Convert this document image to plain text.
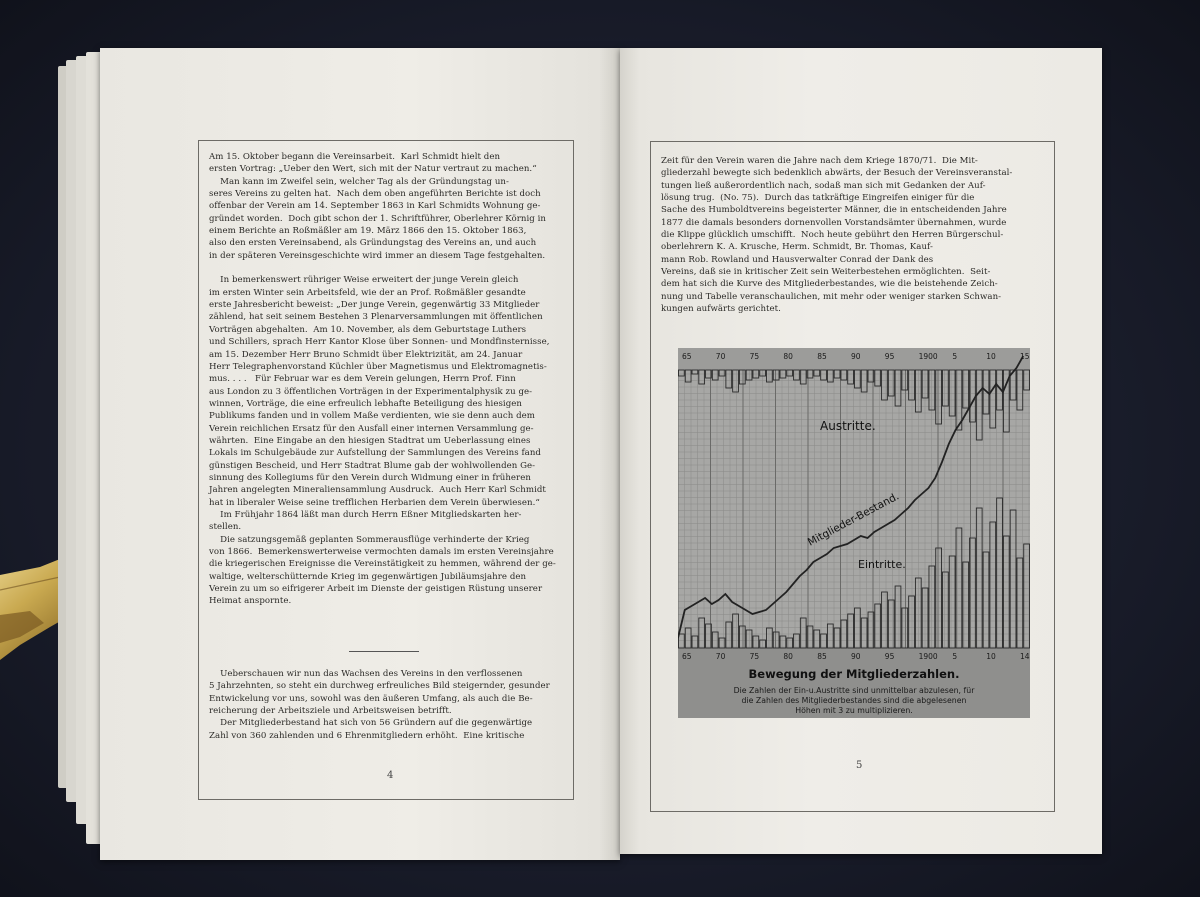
Am 15. Oktober begann die Vereinsarbeit.  Karl Schmidt hielt den
ersten Vortrag: „Ueber den Wert, sich mit der Natur vertraut zu machen.“
Man kann im Zweifel sein, welcher Tag als der Gründungstag un-
seres Vereins zu gelten hat.  Nach dem oben angeführten Berichte ist doch
offenbar der Verein am 14. September 1863 in Karl Schmidts Wohnung ge-
gründet worden.  Doch gibt schon der 1. Schriftführer, Oberlehrer Körnig in
einem Berichte an Roßmäßler am 19. März 1866 den 15. Oktober 1863,
also den ersten Vereinsabend, als Gründungstag des Vereins an, und auch
in der späteren Vereinsgeschichte wird immer an diesem Tage festgehalten.

In bemerkenswert rühriger Weise erweitert der junge Verein gleich
im ersten Winter sein Arbeitsfeld, wie der an Prof. Roßmäßler gesandte
erste Jahresbericht beweist: „Der junge Verein, gegenwärtig 33 Mitglieder
zählend, hat seit seinem Bestehen 3 Plenarversammlungen mit öffentlichen
Vorträgen abgehalten.  Am 10. November, als dem Geburtstage Luthers
und Schillers, sprach Herr Kantor Klose über Sonnen- und Mondfinsternisse,
am 15. Dezember Herr Bruno Schmidt über Elektrizität, am 24. Januar
Herr Telegraphenvorstand Küchler über Magnetismus und Elektromagnetis-
mus. . . .   Für Februar war es dem Verein gelungen, Herrn Prof. Finn
aus London zu 3 öffentlichen Vorträgen in der Experimentalphysik zu ge-
winnen, Vorträge, die eine erfreulich lebhafte Beteiligung des hiesigen
Publikums fanden und in vollem Maße verdienten, wie sie denn auch dem
Verein reichlichen Ersatz für den Ausfall einer internen Versammlung ge-
währten.  Eine Eingabe an den hiesigen Stadtrat um Ueberlassung eines
Lokals im Schulgebäude zur Aufstellung der Sammlungen des Vereins fand
günstigen Bescheid, und Herr Stadtrat Blume gab der wohlwollenden Ge-
sinnung des Kollegiums für den Verein durch Widmung einer in früheren
Jahren angelegten Mineraliensammlung Ausdruck.  Auch Herr Karl Schmidt
hat in liberaler Weise seine trefflichen Herbarien dem Verein überwiesen.“
Im Frühjahr 1864 läßt man durch Herrn Eßner Mitgliedskarten her-
stellen.
Die satzungsgemäß geplanten Sommerausflüge verhinderte der Krieg
von 1866.  Bemerkenswerterweise vermochten damals im ersten Vereinsjahre
die kriegerischen Ereignisse die Vereinstätigkeit zu hemmen, während der ge-
waltige, welterschütternde Krieg im gegenwärtigen Jubiläumsjahre den
Verein zu um so eifrigerer Arbeit im Dienste der geistigen Rüstung unserer
Heimat anspornte.
Ueberschauen wir nun das Wachsen des Vereins in den verflossenen
5 Jahrzehnten, so steht ein durchweg erfreuliches Bild steigernder, gesunder
Entwickelung vor uns, sowohl was den äußeren Umfang, als auch die Be-
reicherung der Arbeitsziele und Arbeitsweisen betrifft.
Der Mitgliederbestand hat sich von 56 Gründern auf die gegenwärtige
Zahl von 360 zahlenden und 6 Ehrenmitgliedern erhöht.  Eine kritische
4
Zeit für den Verein waren die Jahre nach dem Kriege 1870/71.  Die Mit-
gliederzahl bewegte sich bedenklich abwärts, der Besuch der Vereinsveranstal-
tungen ließ außerordentlich nach, sodaß man sich mit Gedanken der Auf-
lösung trug.  (No. 75).  Durch das tatkräftige Eingreifen einiger für die
Sache des Humboldtvereins begeisterter Männer, die in entscheidenden Jahre
1877 die damals besonders dornenvollen Vorstandsämter übernahmen, wurde
die Klippe glücklich umschifft.  Noch heute gebührt den Herren Bürgerschul-
oberlehrern K. A. Krusche, Herm. Schmidt, Br. Thomas, Kauf-
mann Rob. Rowland und Hausverwalter Conrad der Dank des
Vereins, daß sie in kritischer Zeit sein Weiterbestehen ermöglichten.  Seit-
dem hat sich die Kurve des Mitgliederbestandes, wie die beistehende Zeich-
nung und Tabelle veranschaulichen, mit mehr oder weniger starken Schwan-
kungen aufwärts gerichtet.
65	70	75	80	85	90	95	1900 5	10	15
65	70	75	80	85	90	95	1900 5	10	14
Austritte.
Mitglieder-Bestand.
Eintritte.
Bewegung der Mitgliederzahlen.
Die Zahlen der Ein-u.Austritte sind unmittelbar abzulesen, für
die Zahlen des Mitgliederbestandes sind die abgelesenen
Höhen mit 3 zu multiplizieren.
5
